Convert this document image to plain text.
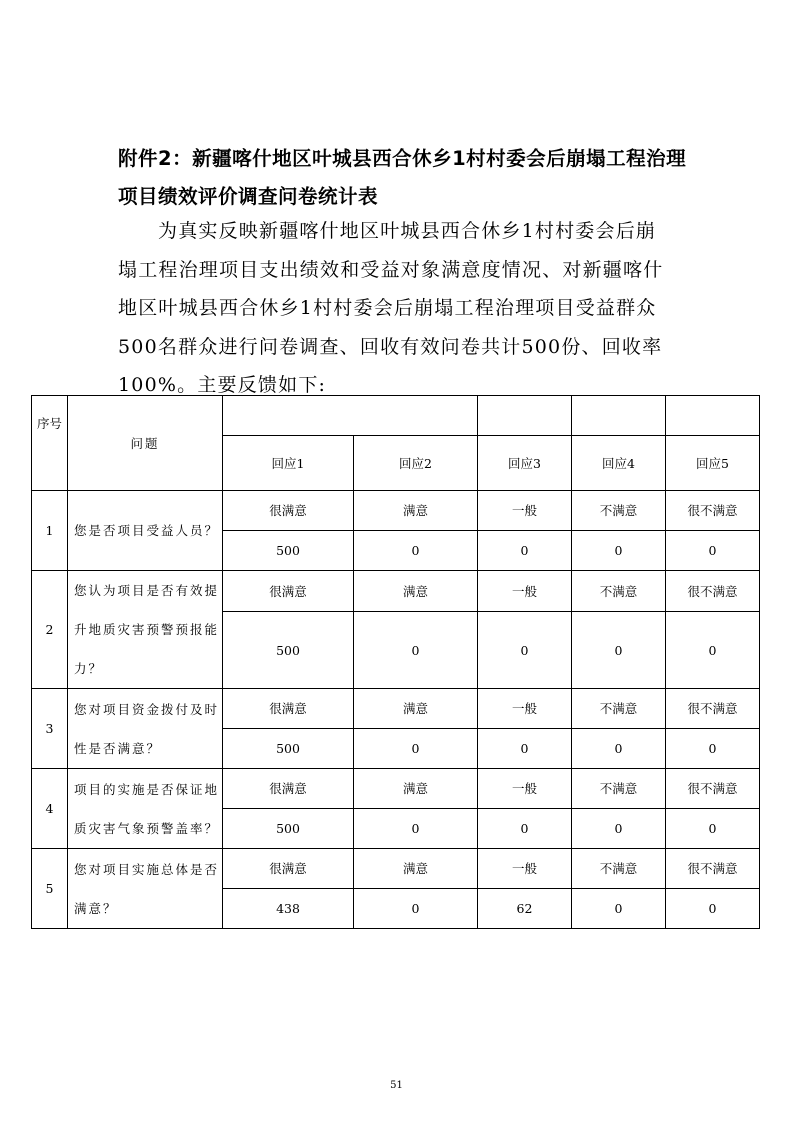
附件2：新疆喀什地区叶城县西合休乡1村村委会后崩塌工程治理项目绩效评价调查问卷统计表
为真实反映新疆喀什地区叶城县西合休乡1村村委会后崩塌工程治理项目支出绩效和受益对象满意度情况、对新疆喀什地区叶城县西合休乡1村村委会后崩塌工程治理项目受益群众500名群众进行问卷调查、回收有效问卷共计500份、回收率100%。主要反馈如下:
序号	问题					
		回应1	回应2	回应3	回应4	回应5
1	您是否项目受益人员？	很满意	满意	一般	不满意	很不满意
		500	0	0	0	0
2	您认为项目是否有效提升地质灾害预警预报能力？	很满意	满意	一般	不满意	很不满意
		500	0	0	0	0
3	您对项目资金拨付及时性是否满意？	很满意	满意	一般	不满意	很不满意
		500	0	0	0	0
4	项目的实施是否保证地质灾害气象预警盖率？	很满意	满意	一般	不满意	很不满意
		500	0	0	0	0
5	您对项目实施总体是否满意？	很满意	满意	一般	不满意	很不满意
		438	0	62	0	0
51
